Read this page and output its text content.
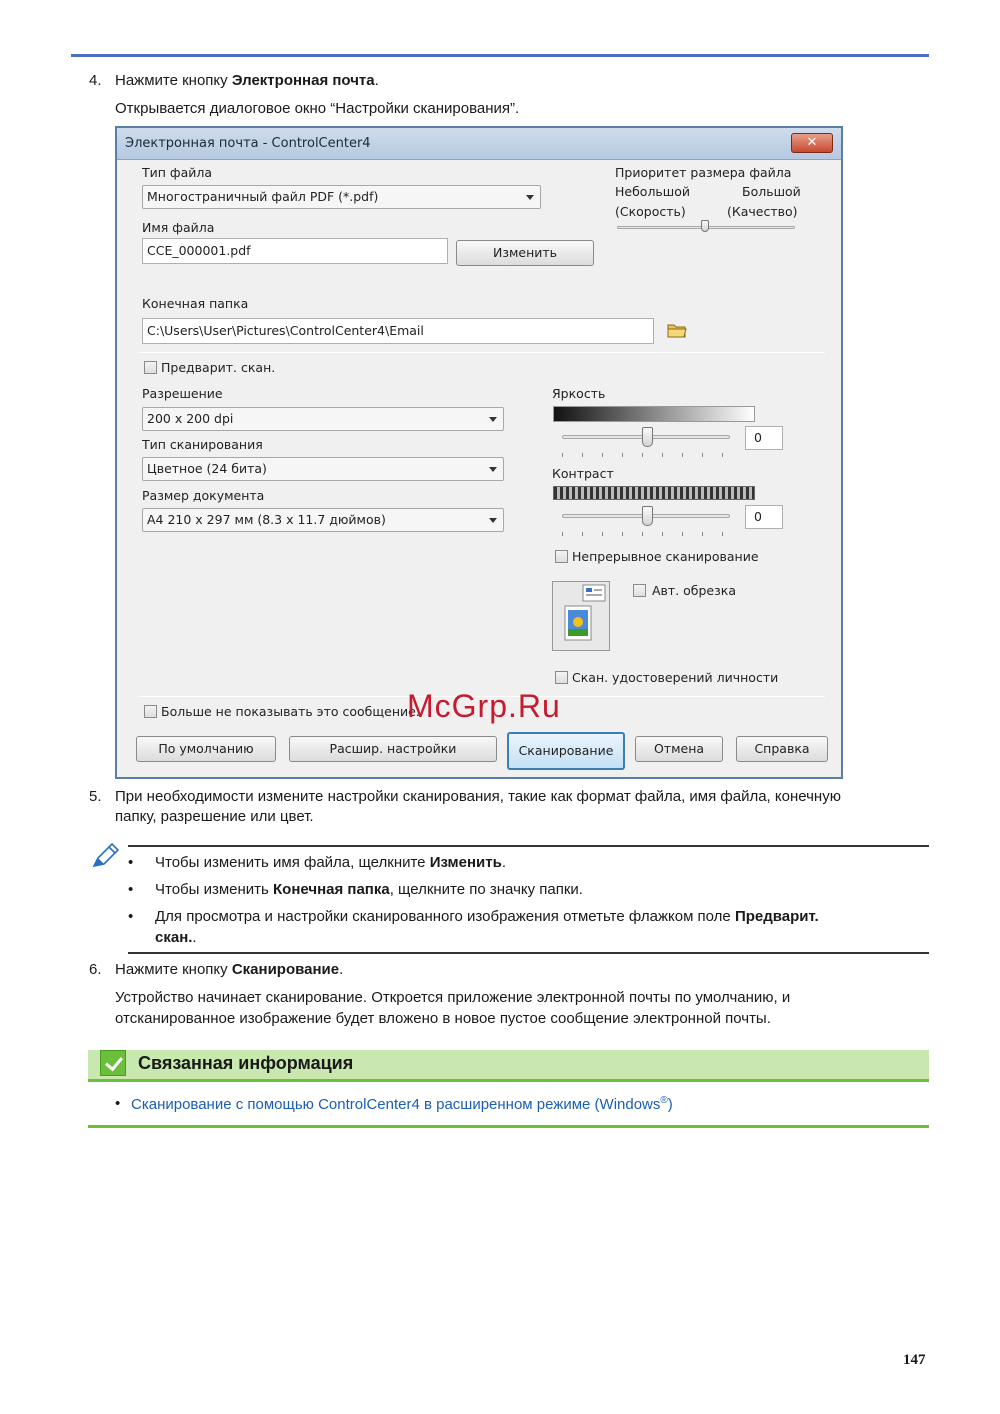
4. Нажмите кнопку Электронная почта.
Открывается диалоговое окно “Настройки сканирования”.
Электронная почта - ControlCenter4	✕
Тип файла
Многостраничный файл PDF (*.pdf)
Приоритет размера файла
Небольшой
(Скорость)
Большой
(Качество)
Имя файла
CCE_000001.pdf	Изменить
Конечная папка
C:\Users\User\Pictures\ControlCenter4\Email
Предварит. скан.
Разрешение
200 x 200 dpi
Тип сканирования
Цветное (24 бита)
Размер документа
A4 210 x 297 мм (8.3 x 11.7 дюймов)
Яркость
0
Контраст
0
Непрерывное сканирование
Авт. обрезка
Скан. удостоверений личности
Больше не показывать это сообщение.
По умолчанию	Расшир. настройки	Сканирование	Отмена	Справка
McGrp.Ru
5. При необходимости измените настройки сканирования, такие как формат файла, имя файла, конечную
папку, разрешение или цвет.
• Чтобы изменить имя файла, щелкните Изменить.
• Чтобы изменить Конечная папка, щелкните по значку папки.
• Для просмотра и настройки сканированного изображения отметьте флажком поле Предварит.
скан..
6. Нажмите кнопку Сканирование.
Устройство начинает сканирование. Откроется приложение электронной почты по умолчанию, и
отсканированное изображение будет вложено в новое пустое сообщение электронной почты.
Связанная информация
• Сканирование с помощью ControlCenter4 в расширенном режиме (Windows®)
147
